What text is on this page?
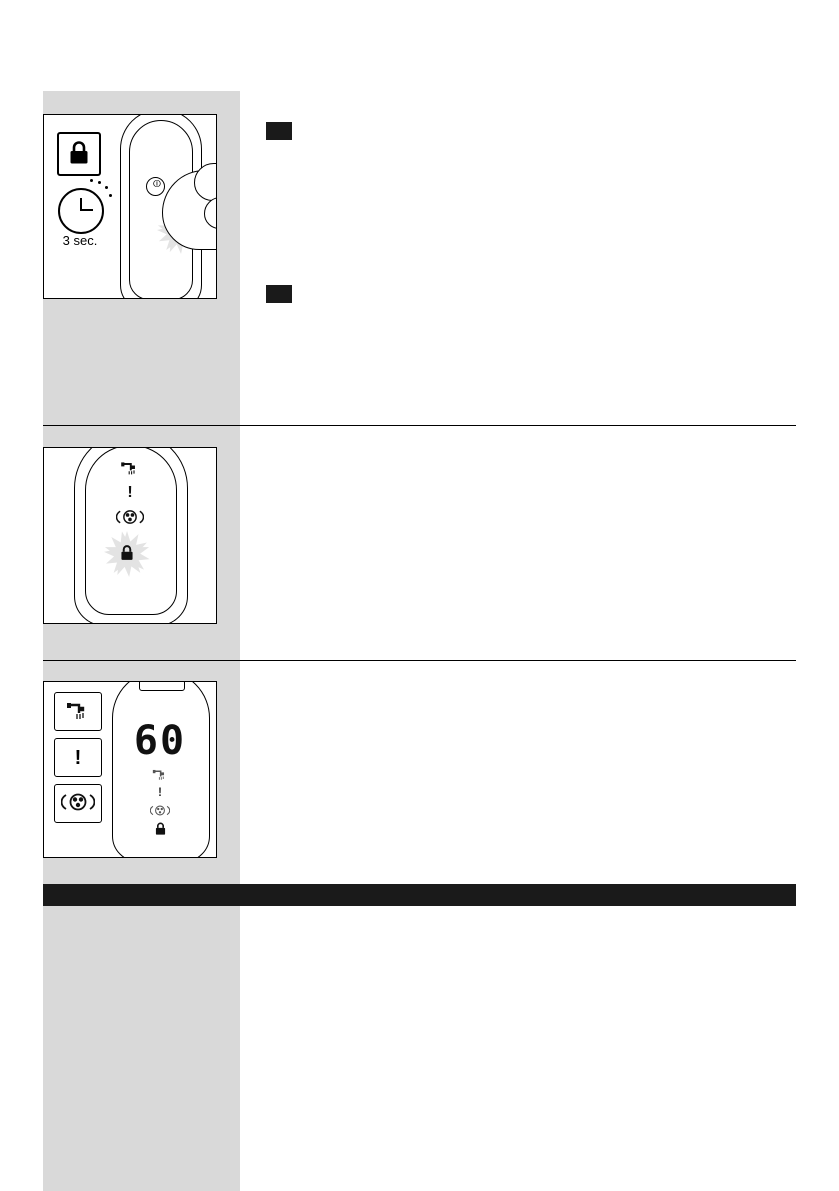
3 sec.
⏼
!
!	60
!
